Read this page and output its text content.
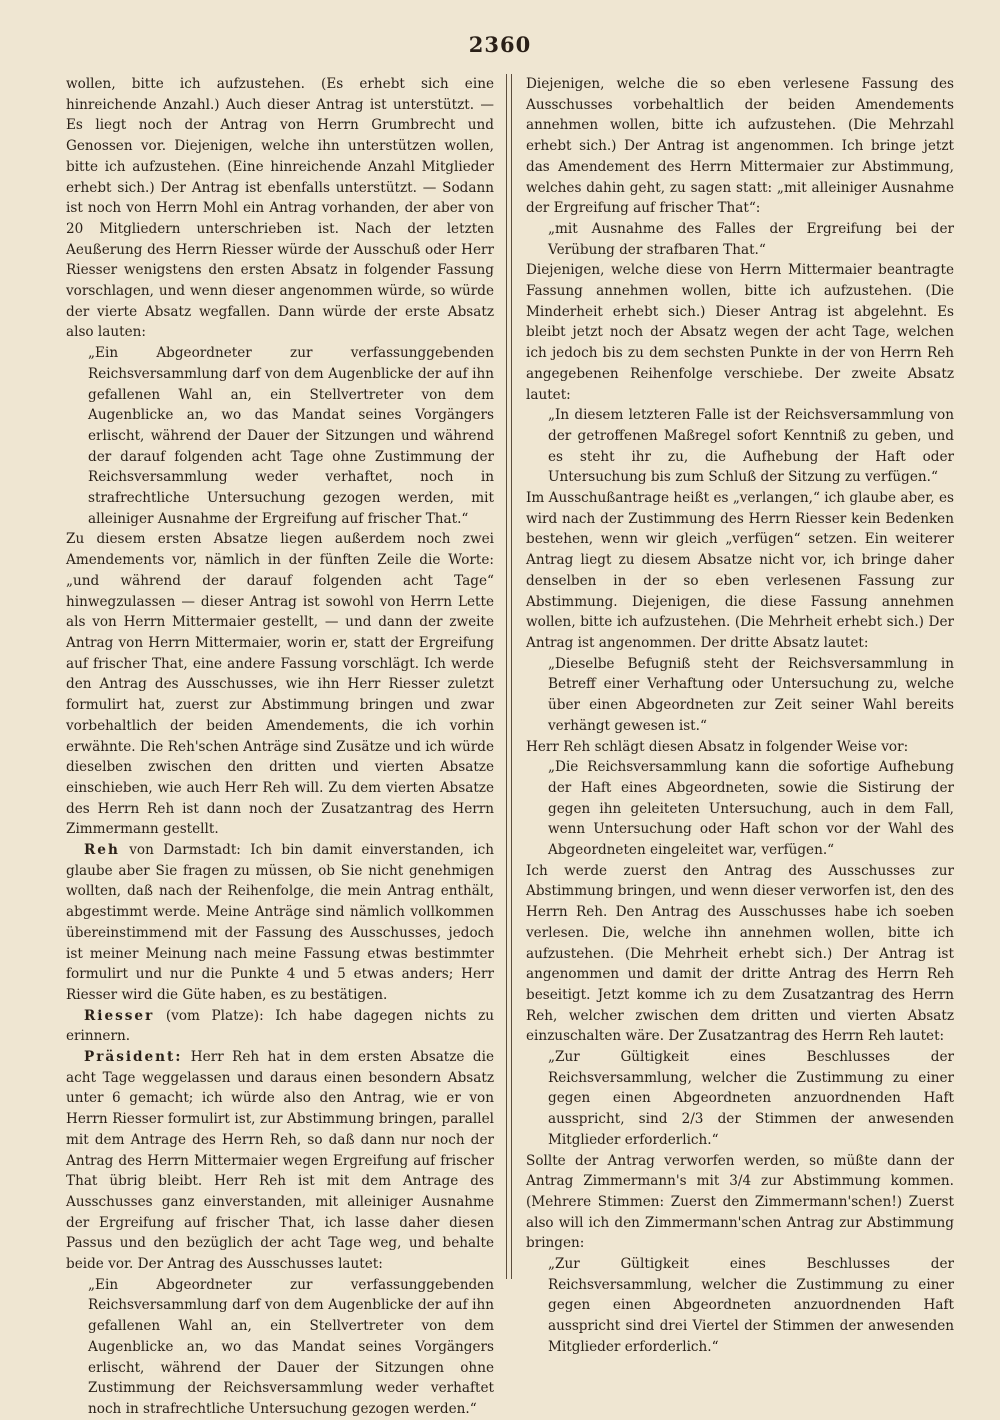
2360

wollen, bitte ich aufzustehen. (Es erhebt sich eine hinreichende Anzahl.) Auch dieser Antrag ist unterstützt. — Es liegt noch der Antrag von Herrn Grumbrecht und Genossen vor. Diejenigen, welche ihn unterstützen wollen, bitte ich aufzustehen. (Eine hinreichende Anzahl Mitglieder erhebt sich.) Der Antrag ist ebenfalls unterstützt. — Sodann ist noch von Herrn Mohl ein Antrag vorhanden, der aber von 20 Mitgliedern unterschrieben ist. Nach der letzten Aeußerung des Herrn Riesser würde der Ausschuß oder Herr Riesser wenigstens den ersten Absatz in folgender Fassung vorschlagen, und wenn dieser angenommen würde, so würde der vierte Absatz wegfallen. Dann würde der erste Absatz also lauten:

„Ein Abgeordneter zur verfassunggebenden Reichsversammlung darf von dem Augenblicke der auf ihn gefallenen Wahl an, ein Stellvertreter von dem Augenblicke an, wo das Mandat seines Vorgängers erlischt, während der Dauer der Sitzungen und während der darauf folgenden acht Tage ohne Zustimmung der Reichsversammlung weder verhaftet, noch in strafrechtliche Untersuchung gezogen werden, mit alleiniger Ausnahme der Ergreifung auf frischer That.“

Zu diesem ersten Absatze liegen außerdem noch zwei Amendements vor, nämlich in der fünften Zeile die Worte: „und während der darauf folgenden acht Tage“ hinwegzulassen — dieser Antrag ist sowohl von Herrn Lette als von Herrn Mittermaier gestellt, — und dann der zweite Antrag von Herrn Mittermaier, worin er, statt der Ergreifung auf frischer That, eine andere Fassung vorschlägt. Ich werde den Antrag des Ausschusses, wie ihn Herr Riesser zuletzt formulirt hat, zuerst zur Abstimmung bringen und zwar vorbehaltlich der beiden Amendements, die ich vorhin erwähnte. Die Reh'schen Anträge sind Zusätze und ich würde dieselben zwischen den dritten und vierten Absatze einschieben, wie auch Herr Reh will. Zu dem vierten Absatze des Herrn Reh ist dann noch der Zusatzantrag des Herrn Zimmermann gestellt.

Reh von Darmstadt: Ich bin damit einverstanden, ich glaube aber Sie fragen zu müssen, ob Sie nicht genehmigen wollten, daß nach der Reihenfolge, die mein Antrag enthält, abgestimmt werde. Meine Anträge sind nämlich vollkommen übereinstimmend mit der Fassung des Ausschusses, jedoch ist meiner Meinung nach meine Fassung etwas bestimmter formulirt und nur die Punkte 4 und 5 etwas anders; Herr Riesser wird die Güte haben, es zu bestätigen.

Riesser (vom Platze): Ich habe dagegen nichts zu erinnern.

Präsident: Herr Reh hat in dem ersten Absatze die acht Tage weggelassen und daraus einen besondern Absatz unter 6 gemacht; ich würde also den Antrag, wie er von Herrn Riesser formulirt ist, zur Abstimmung bringen, parallel mit dem Antrage des Herrn Reh, so daß dann nur noch der Antrag des Herrn Mittermaier wegen Ergreifung auf frischer That übrig bleibt. Herr Reh ist mit dem Antrage des Ausschusses ganz einverstanden, mit alleiniger Ausnahme der Ergreifung auf frischer That, ich lasse daher diesen Passus und den bezüglich der acht Tage weg, und behalte beide vor. Der Antrag des Ausschusses lautet:

„Ein Abgeordneter zur verfassunggebenden Reichsversammlung darf von dem Augenblicke der auf ihn gefallenen Wahl an, ein Stellvertreter von dem Augenblicke an, wo das Mandat seines Vorgängers erlischt, während der Dauer der Sitzungen ohne Zustimmung der Reichsversammlung weder verhaftet noch in strafrechtliche Untersuchung gezogen werden.“

Diejenigen, welche die so eben verlesene Fassung des Ausschusses vorbehaltlich der beiden Amendements annehmen wollen, bitte ich aufzustehen. (Die Mehrzahl erhebt sich.) Der Antrag ist angenommen. Ich bringe jetzt das Amendement des Herrn Mittermaier zur Abstimmung, welches dahin geht, zu sagen statt: „mit alleiniger Ausnahme der Ergreifung auf frischer That“:

„mit Ausnahme des Falles der Ergreifung bei der Verübung der strafbaren That.“

Diejenigen, welche diese von Herrn Mittermaier beantragte Fassung annehmen wollen, bitte ich aufzustehen. (Die Minderheit erhebt sich.) Dieser Antrag ist abgelehnt. Es bleibt jetzt noch der Absatz wegen der acht Tage, welchen ich jedoch bis zu dem sechsten Punkte in der von Herrn Reh angegebenen Reihenfolge verschiebe. Der zweite Absatz lautet:

„In diesem letzteren Falle ist der Reichsversammlung von der getroffenen Maßregel sofort Kenntniß zu geben, und es steht ihr zu, die Aufhebung der Haft oder Untersuchung bis zum Schluß der Sitzung zu verfügen.“

Im Ausschußantrage heißt es „verlangen,“ ich glaube aber, es wird nach der Zustimmung des Herrn Riesser kein Bedenken bestehen, wenn wir gleich „verfügen“ setzen. Ein weiterer Antrag liegt zu diesem Absatze nicht vor, ich bringe daher denselben in der so eben verlesenen Fassung zur Abstimmung. Diejenigen, die diese Fassung annehmen wollen, bitte ich aufzustehen. (Die Mehrheit erhebt sich.) Der Antrag ist angenommen. Der dritte Absatz lautet:

„Dieselbe Befugniß steht der Reichsversammlung in Betreff einer Verhaftung oder Untersuchung zu, welche über einen Abgeordneten zur Zeit seiner Wahl bereits verhängt gewesen ist.“

Herr Reh schlägt diesen Absatz in folgender Weise vor:

„Die Reichsversammlung kann die sofortige Aufhebung der Haft eines Abgeordneten, sowie die Sistirung der gegen ihn geleiteten Untersuchung, auch in dem Fall, wenn Untersuchung oder Haft schon vor der Wahl des Abgeordneten eingeleitet war, verfügen.“

Ich werde zuerst den Antrag des Ausschusses zur Abstimmung bringen, und wenn dieser verworfen ist, den des Herrn Reh. Den Antrag des Ausschusses habe ich soeben verlesen. Die, welche ihn annehmen wollen, bitte ich aufzustehen. (Die Mehrheit erhebt sich.) Der Antrag ist angenommen und damit der dritte Antrag des Herrn Reh beseitigt. Jetzt komme ich zu dem Zusatzantrag des Herrn Reh, welcher zwischen dem dritten und vierten Absatz einzuschalten wäre. Der Zusatzantrag des Herrn Reh lautet:

„Zur Gültigkeit eines Beschlusses der Reichsversammlung, welcher die Zustimmung zu einer gegen einen Abgeordneten anzuordnenden Haft ausspricht, sind 2/3 der Stimmen der anwesenden Mitglieder erforderlich.“

Sollte der Antrag verworfen werden, so müßte dann der Antrag Zimmermann's mit 3/4 zur Abstimmung kommen. (Mehrere Stimmen: Zuerst den Zimmermann'schen!) Zuerst also will ich den Zimmermann'schen Antrag zur Abstimmung bringen:

„Zur Gültigkeit eines Beschlusses der Reichsversammlung, welcher die Zustimmung zu einer gegen einen Abgeordneten anzuordnenden Haft ausspricht sind drei Viertel der Stimmen der anwesenden Mitglieder erforderlich.“
